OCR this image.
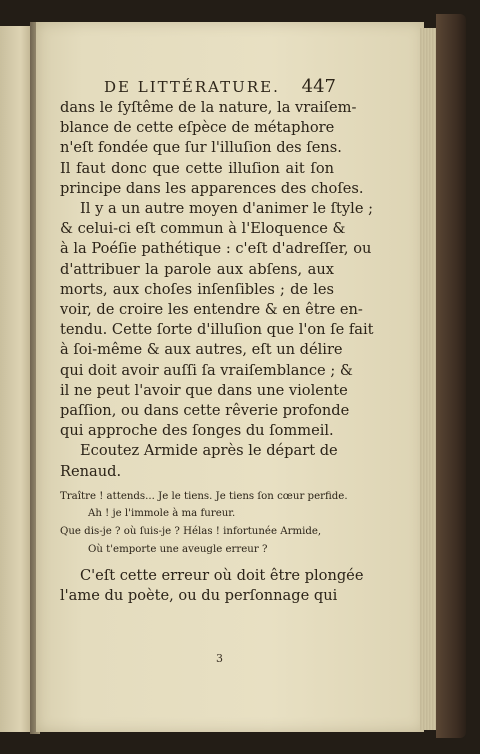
DE LITTÉRATURE. 447
dans le ſyſtême de la nature, la vraiſem-
blance de cette eſpèce de métaphore
n'eſt fondée que ſur l'illuſion des ſens.
Il faut donc que cette illuſion ait ſon
principe dans les apparences des choſes.
Il y a un autre moyen d'animer le ſtyle ;
& celui-ci eſt commun à l'Eloquence &
à la Poéſie pathétique : c'eſt d'adreſſer, ou
d'attribuer la parole aux abſens, aux
morts, aux choſes inſenſibles ; de les
voir, de croire les entendre & en être en-
tendu. Cette ſorte d'illuſion que l'on ſe fait
à ſoi-même & aux autres, eſt un délire
qui doit avoir auſſi ſa vraiſemblance ; &
il ne peut l'avoir que dans une violente
paſſion, ou dans cette rêverie profonde
qui approche des ſonges du ſommeil.
Ecoutez Armide après le départ de
Renaud.
Traître ! attends... Je le tiens. Je tiens ſon cœur perfide.
Ah ! je l'immole à ma fureur.
Que dis-je ? où ſuis-je ? Hélas ! infortunée Armide,
Où t'emporte une aveugle erreur ?
C'eſt cette erreur où doit être plongée
l'ame du poète, ou du perſonnage qui
3
